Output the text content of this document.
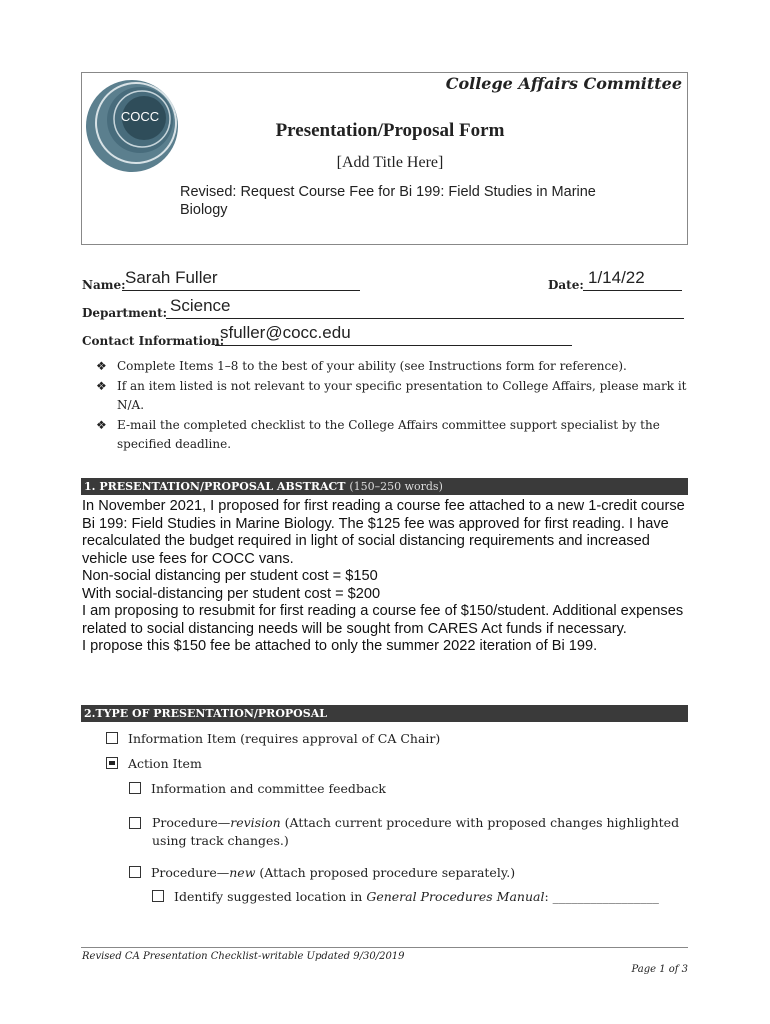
College Affairs Committee
COCC
Presentation/Proposal Form
[Add Title Here]
Revised: Request Course Fee for Bi 199: Field Studies in Marine Biology
Name: Sarah Fuller	Date: 1/14/22
Department: Science
Contact Information:
sfuller@cocc.edu
❖ Complete Items 1–8 to the best of your ability (see Instructions form for reference).
❖ If an item listed is not relevant to your specific presentation to College Affairs, please mark it N/A.
❖ E-mail the completed checklist to the College Affairs committee support specialist by the specified deadline.
1. PRESENTATION/PROPOSAL ABSTRACT (150–250 words)

In November 2021, I proposed for first reading a course fee attached to a new 1-credit course Bi 199: Field Studies in Marine Biology. The $125 fee was approved for first reading. I have recalculated the budget required in light of social distancing requirements and increased vehicle use fees for COCC vans.

Non-social distancing per student cost = $150

With social-distancing per student cost = $200

I am proposing to resubmit for first reading a course fee of $150/student. Additional expenses related to social distancing needs will be sought from CARES Act funds if necessary.

I propose this $150 fee be attached to only the summer 2022 iteration of Bi 199.

2.TYPE OF PRESENTATION/PROPOSAL
Information Item (requires approval of CA Chair)
Action Item
Information and committee feedback
Procedure—revision (Attach current procedure with proposed changes highlighted using track changes.)
Procedure—new (Attach proposed procedure separately.)
Identify suggested location in General Procedures Manual: _________________
Revised CA Presentation Checklist-writable Updated 9/30/2019
Page 1 of 3
